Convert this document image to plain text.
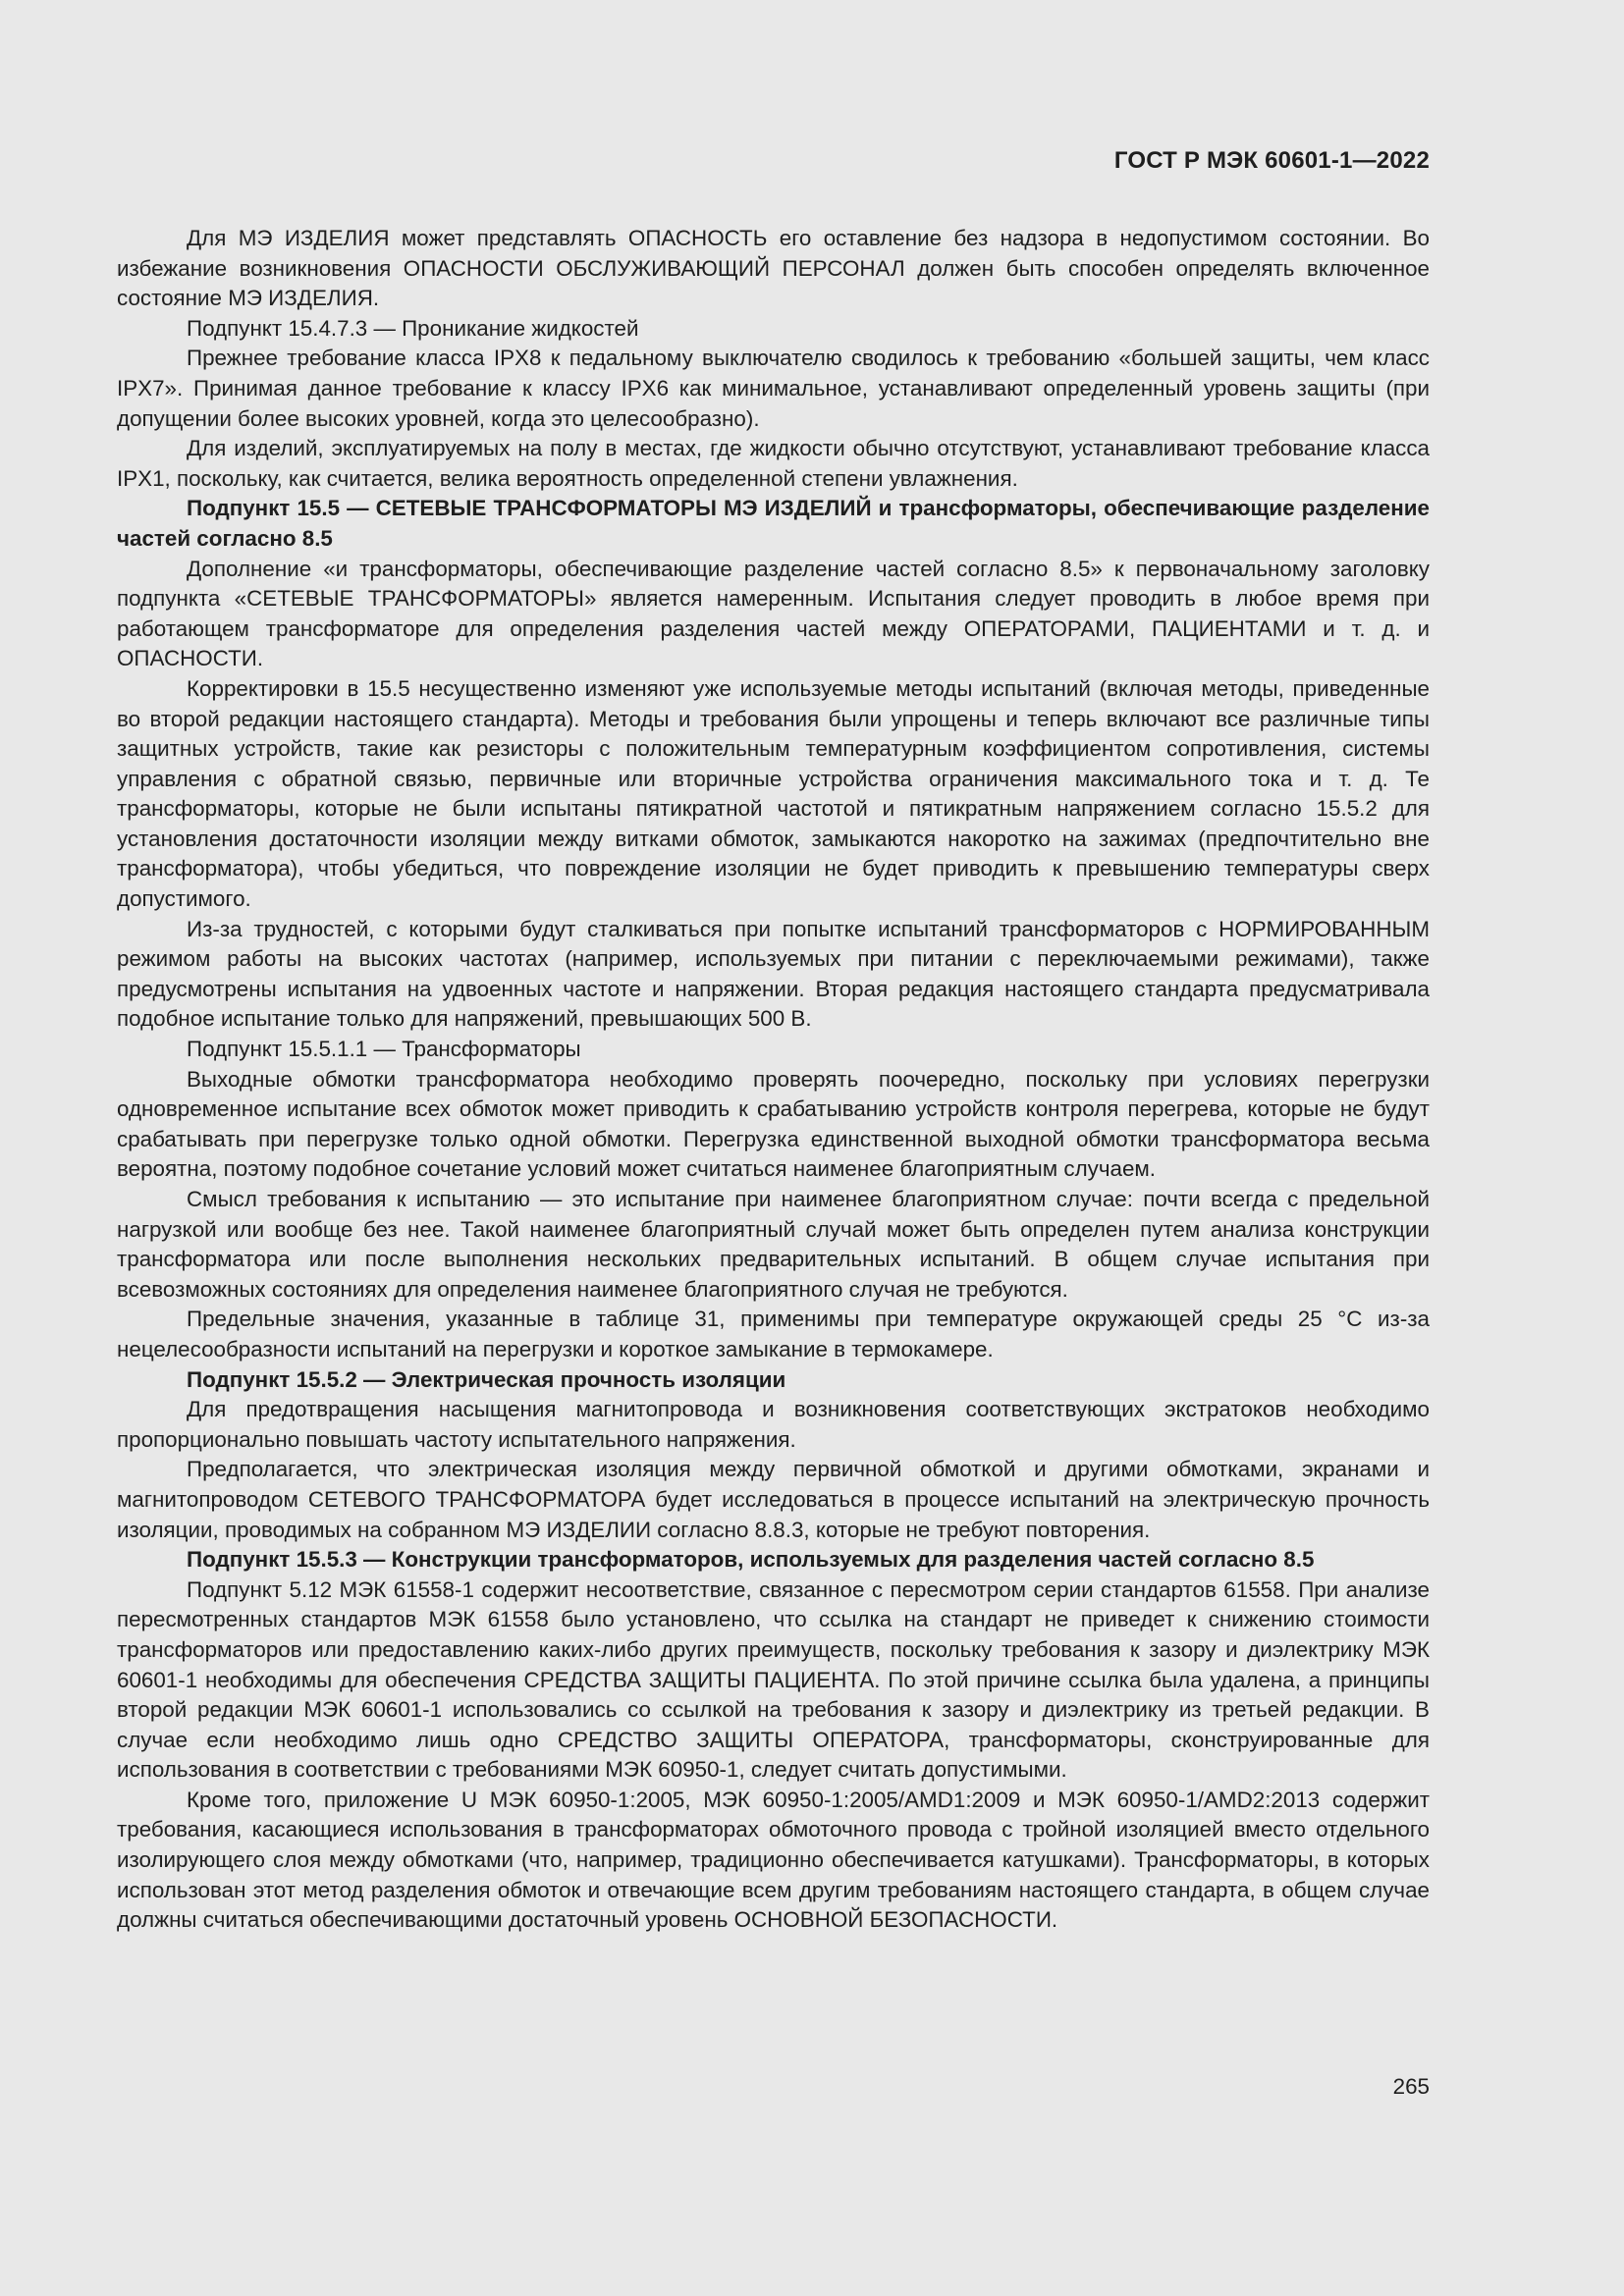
ГОСТ Р МЭК 60601-1—2022

Для МЭ ИЗДЕЛИЯ может представлять ОПАСНОСТЬ его оставление без надзора в недопустимом состоянии. Во избежание возникновения ОПАСНОСТИ ОБСЛУЖИВАЮЩИЙ ПЕРСОНАЛ должен быть способен определять включенное состояние МЭ ИЗДЕЛИЯ.

Подпункт 15.4.7.3 — Проникание жидкостей

Прежнее требование класса IPX8 к педальному выключателю сводилось к требованию «большей защиты, чем класс IPX7». Принимая данное требование к классу IPX6 как минимальное, устанавливают определенный уровень защиты (при допущении более высоких уровней, когда это целесообразно).

Для изделий, эксплуатируемых на полу в местах, где жидкости обычно отсутствуют, устанавливают требование класса IPX1, поскольку, как считается, велика вероятность определенной степени увлажнения.

Подпункт 15.5 — СЕТЕВЫЕ ТРАНСФОРМАТОРЫ МЭ ИЗДЕЛИЙ и трансформаторы, обеспечивающие разделение частей согласно 8.5

Дополнение «и трансформаторы, обеспечивающие разделение частей согласно 8.5» к первоначальному заголовку подпункта «СЕТЕВЫЕ ТРАНСФОРМАТОРЫ» является намеренным. Испытания следует проводить в любое время при работающем трансформаторе для определения разделения частей между ОПЕРАТОРАМИ, ПАЦИЕНТАМИ и т. д. и ОПАСНОСТИ.

Корректировки в 15.5 несущественно изменяют уже используемые методы испытаний (включая методы, приведенные во второй редакции настоящего стандарта). Методы и требования были упрощены и теперь включают все различные типы защитных устройств, такие как резисторы с положительным температурным коэффициентом сопротивления, системы управления с обратной связью, первичные или вторичные устройства ограничения максимального тока и т. д. Те трансформаторы, которые не были испытаны пятикратной частотой и пятикратным напряжением согласно 15.5.2 для установления достаточности изоляции между витками обмоток, замыкаются накоротко на зажимах (предпочтительно вне трансформатора), чтобы убедиться, что повреждение изоляции не будет приводить к превышению температуры сверх допустимого.

Из-за трудностей, с которыми будут сталкиваться при попытке испытаний трансформаторов с НОРМИРОВАННЫМ режимом работы на высоких частотах (например, используемых при питании с переключаемыми режимами), также предусмотрены испытания на удвоенных частоте и напряжении. Вторая редакция настоящего стандарта предусматривала подобное испытание только для напряжений, превышающих 500 В.

Подпункт 15.5.1.1 — Трансформаторы

Выходные обмотки трансформатора необходимо проверять поочередно, поскольку при условиях перегрузки одновременное испытание всех обмоток может приводить к срабатыванию устройств контроля перегрева, которые не будут срабатывать при перегрузке только одной обмотки. Перегрузка единственной выходной обмотки трансформатора весьма вероятна, поэтому подобное сочетание условий может считаться наименее благоприятным случаем.

Смысл требования к испытанию — это испытание при наименее благоприятном случае: почти всегда с предельной нагрузкой или вообще без нее. Такой наименее благоприятный случай может быть определен путем анализа конструкции трансформатора или после выполнения нескольких предварительных испытаний. В общем случае испытания при всевозможных состояниях для определения наименее благоприятного случая не требуются.

Предельные значения, указанные в таблице 31, применимы при температуре окружающей среды 25 °С из-за нецелесообразности испытаний на перегрузки и короткое замыкание в термокамере.

Подпункт 15.5.2 — Электрическая прочность изоляции

Для предотвращения насыщения магнитопровода и возникновения соответствующих экстратоков необходимо пропорционально повышать частоту испытательного напряжения.

Предполагается, что электрическая изоляция между первичной обмоткой и другими обмотками, экранами и магнитопроводом СЕТЕВОГО ТРАНСФОРМАТОРА будет исследоваться в процессе испытаний на электрическую прочность изоляции, проводимых на собранном МЭ ИЗДЕЛИИ согласно 8.8.3, которые не требуют повторения.

Подпункт 15.5.3 — Конструкции трансформаторов, используемых для разделения частей согласно 8.5

Подпункт 5.12 МЭК 61558-1 содержит несоответствие, связанное с пересмотром серии стандартов 61558. При анализе пересмотренных стандартов МЭК 61558 было установлено, что ссылка на стандарт не приведет к снижению стоимости трансформаторов или предоставлению каких-либо других преимуществ, поскольку требования к зазору и диэлектрику МЭК 60601-1 необходимы для обеспечения СРЕДСТВА ЗАЩИТЫ ПАЦИЕНТА. По этой причине ссылка была удалена, а принципы второй редакции МЭК 60601-1 использовались со ссылкой на требования к зазору и диэлектрику из третьей редакции. В случае если необходимо лишь одно СРЕДСТВО ЗАЩИТЫ ОПЕРАТОРА, трансформаторы, сконструированные для использования в соответствии с требованиями МЭК 60950-1, следует считать допустимыми.

Кроме того, приложение U МЭК 60950-1:2005, МЭК 60950-1:2005/AMD1:2009 и МЭК 60950-1/AMD2:2013 содержит требования, касающиеся использования в трансформаторах обмоточного провода с тройной изоляцией вместо отдельного изолирующего слоя между обмотками (что, например, традиционно обеспечивается катушками). Трансформаторы, в которых использован этот метод разделения обмоток и отвечающие всем другим требованиям настоящего стандарта, в общем случае должны считаться обеспечивающими достаточный уровень ОСНОВНОЙ БЕЗОПАСНОСТИ.

265
